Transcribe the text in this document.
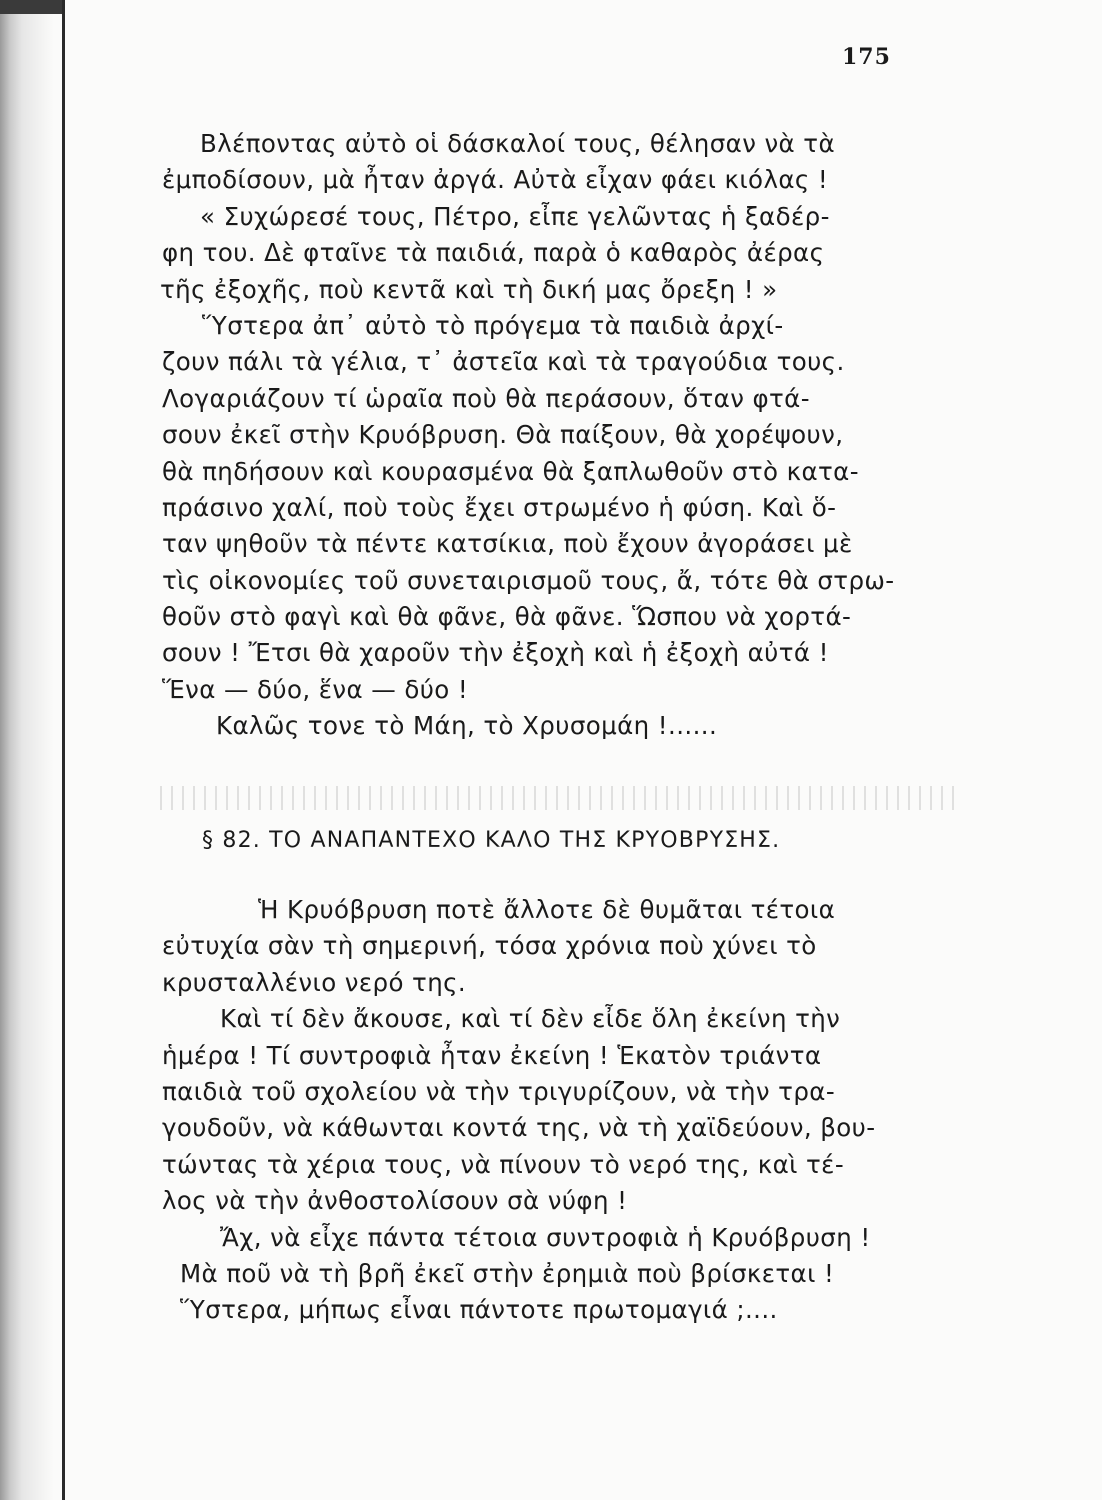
175
Βλέποντας αὐτὸ οἱ δάσκαλοί τους, θέλησαν νὰ τὰ
ἐμποδίσουν, μὰ ἦταν ἀργά. Αὐτὰ εἶχαν φάει κιόλας !
« Συχώρεσέ τους, Πέτρο, εἶπε γελῶντας ἡ ξαδέρ-
φη του. Δὲ φταῖνε τὰ παιδιά, παρὰ ὁ καθαρὸς ἀέρας
τῆς ἐξοχῆς, ποὺ κεντᾶ καὶ τὴ δική μας ὄρεξη ! »
Ὕστερα ἀπ᾿ αὐτὸ τὸ πρόγεμα τὰ παιδιὰ ἀρχί-
ζουν πάλι τὰ γέλια, τ᾿ ἀστεῖα καὶ τὰ τραγούδια τους.
Λογαριάζουν τί ὡραῖα ποὺ θὰ περάσουν, ὅταν φτά-
σουν ἐκεῖ στὴν Κρυόβρυση. Θὰ παίξουν, θὰ χορέψουν,
θὰ πηδήσουν καὶ κουρασμένα θὰ ξαπλωθοῦν στὸ κατα-
πράσινο χαλί, ποὺ τοὺς ἔχει στρωμένο ἡ φύση. Καὶ ὅ-
ταν ψηθοῦν τὰ πέντε κατσίκια, ποὺ ἔχουν ἀγοράσει μὲ
τὶς οἰκονομίες τοῦ συνεταιρισμοῦ τους, ἄ, τότε θὰ στρω-
θοῦν στὸ φαγὶ καὶ θὰ φᾶνε, θὰ φᾶνε. Ὥσπου νὰ χορτά-
σουν ! Ἔτσι θὰ χαροῦν τὴν ἐξοχὴ καὶ ἡ ἐξοχὴ αὐτά !
Ἕνα — δύο, ἕνα — δύο !
Καλῶς τονε τὸ Μάη, τὸ Χρυσομάη !......
§ 82. ΤΟ ΑΝΑΠΑΝΤΕΧΟ ΚΑΛΟ ΤΗΣ ΚΡΥΟΒΡΥΣΗΣ.
Ἡ Κρυόβρυση ποτὲ ἄλλοτε δὲ θυμᾶται τέτοια
εὐτυχία σὰν τὴ σημερινή, τόσα χρόνια ποὺ χύνει τὸ
κρυσταλλένιο νερό της.
Καὶ τί δὲν ἄκουσε, καὶ τί δὲν εἶδε ὅλη ἐκείνη τὴν
ἡμέρα ! Τί συντροφιὰ ἦταν ἐκείνη ! Ἑκατὸν τριάντα
παιδιὰ τοῦ σχολείου νὰ τὴν τριγυρίζουν, νὰ τὴν τρα-
γουδοῦν, νὰ κάθωνται κοντά της, νὰ τὴ χαϊδεύουν, βου-
τώντας τὰ χέρια τους, νὰ πίνουν τὸ νερό της, καὶ τέ-
λος νὰ τὴν ἀνθοστολίσουν σὰ νύφη !
Ἄχ, νὰ εἶχε πάντα τέτοια συντροφιὰ ἡ Κρυόβρυση !
Μὰ ποῦ νὰ τὴ βρῆ ἐκεῖ στὴν ἐρημιὰ ποὺ βρίσκεται !
Ὕστερα, μήπως εἶναι πάντοτε πρωτομαγιά ;....
